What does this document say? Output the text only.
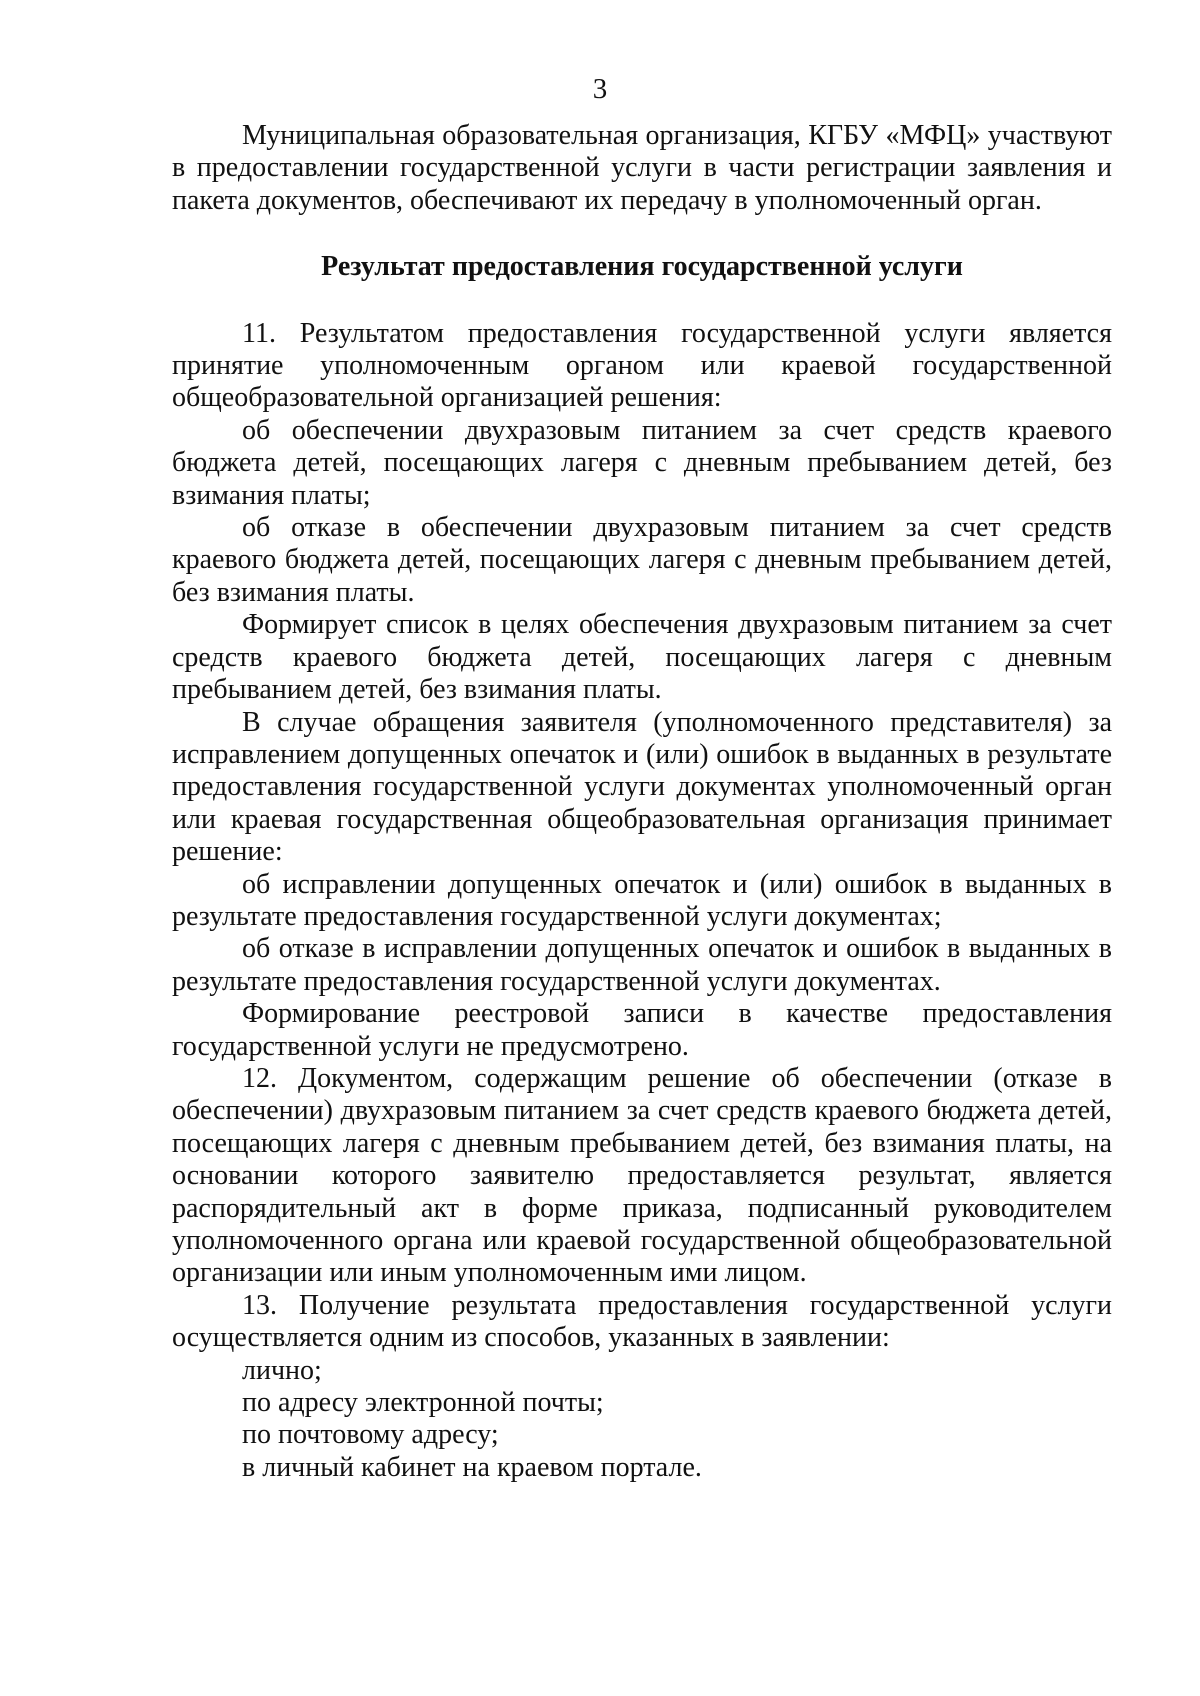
3

Муниципальная образовательная организация, КГБУ «МФЦ» участвуют в предоставлении государственной услуги в части регистрации заявления и пакета документов, обеспечивают их передачу в уполномоченный орган.

Результат предоставления государственной услуги

11. Результатом предоставления государственной услуги является принятие уполномоченным органом или краевой государственной общеобразовательной организацией решения:

об обеспечении двухразовым питанием за счет средств краевого бюджета детей, посещающих лагеря с дневным пребыванием детей, без взимания платы;

об отказе в обеспечении двухразовым питанием за счет средств краевого бюджета детей, посещающих лагеря с дневным пребыванием детей, без взимания платы.

Формирует список в целях обеспечения двухразовым питанием за счет средств краевого бюджета детей, посещающих лагеря с дневным пребыванием детей, без взимания платы.

В случае обращения заявителя (уполномоченного представителя) за исправлением допущенных опечаток и (или) ошибок в выданных в результате предоставления государственной услуги документах уполномоченный орган или краевая государственная общеобразовательная организация принимает решение:

об исправлении допущенных опечаток и (или) ошибок в выданных в результате предоставления государственной услуги документах;

об отказе в исправлении допущенных опечаток и ошибок в выданных в результате предоставления государственной услуги документах.

Формирование реестровой записи в качестве предоставления государственной услуги не предусмотрено.

12. Документом, содержащим решение об обеспечении (отказе в обеспечении) двухразовым питанием за счет средств краевого бюджета детей, посещающих лагеря с дневным пребыванием детей, без взимания платы, на основании которого заявителю предоставляется результат, является распорядительный акт в форме приказа, подписанный руководителем уполномоченного органа или краевой государственной общеобразовательной организации или иным уполномоченным ими лицом.

13. Получение результата предоставления государственной услуги осуществляется одним из способов, указанных в заявлении:

лично;

по адресу электронной почты;

по почтовому адресу;

в личный кабинет на краевом портале.
